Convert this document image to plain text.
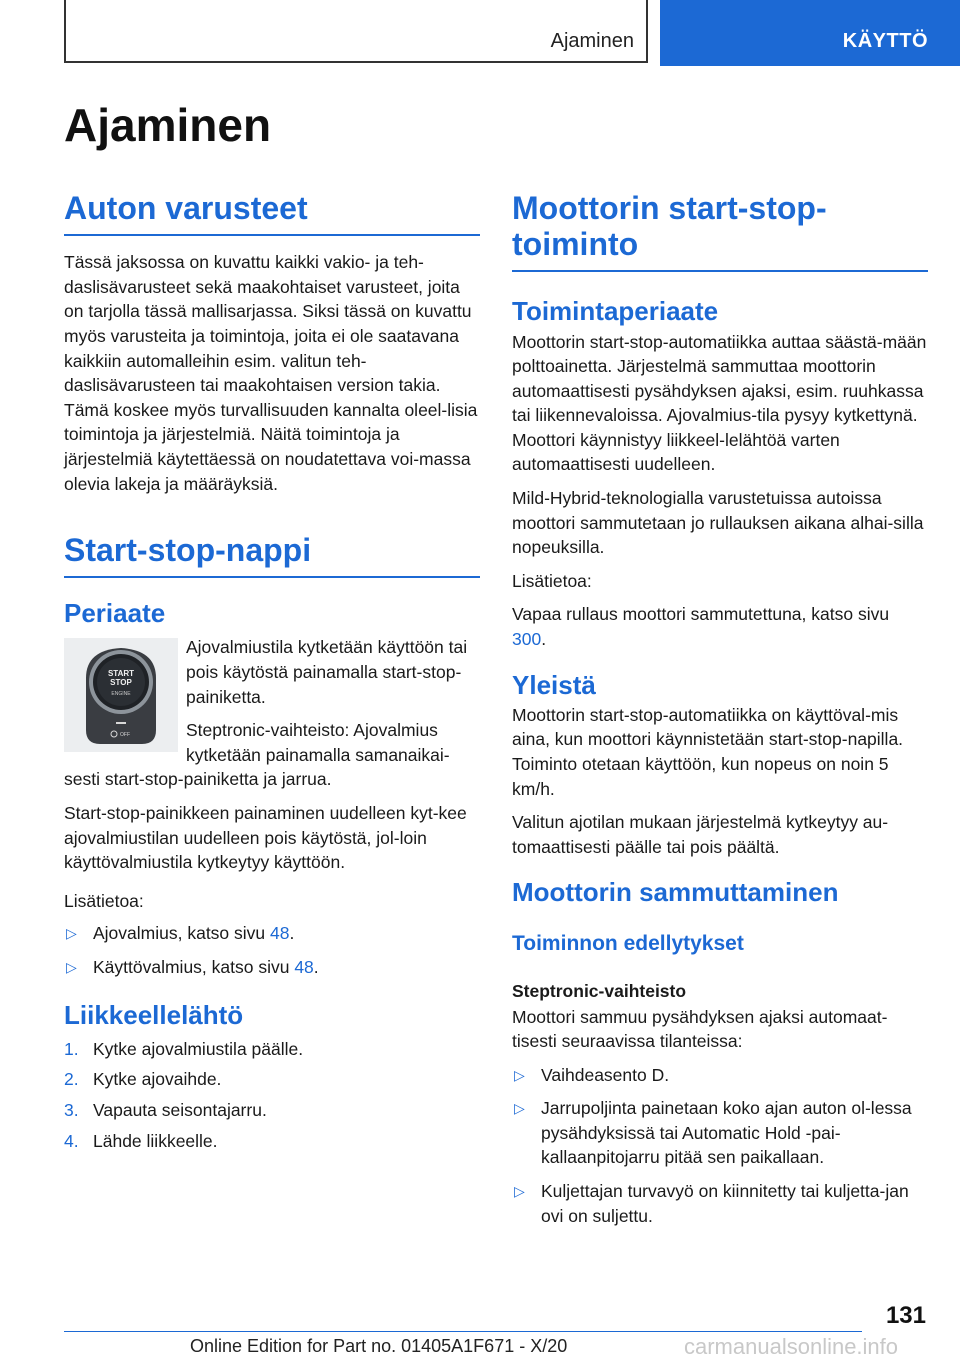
Ajaminen	KÄYTTÖ
Ajaminen
Auton varusteet

Tässä jaksossa on kuvattu kaikki vakio- ja teh-daslisävarusteet sekä maakohtaiset varusteet, joita on tarjolla tässä mallisarjassa. Siksi tässä on kuvattu myös varusteita ja toimintoja, joita ei ole saatavana kaikkiin automalleihin esim. valitun teh-daslisävarusteen tai maakohtaisen version takia. Tämä koskee myös turvallisuuden kannalta oleel-lisia toimintoja ja järjestelmiä. Näitä toimintoja ja järjestelmiä käytettäessä on noudatettava voi-massa olevia lakeja ja määräyksiä.

Start-stop-nappi
Periaate
START
STOP
ENGINE
OFF

Ajovalmiustila kytketään käyttöön tai pois käytöstä painamalla start-stop-painiketta.

Steptronic-vaihteisto: Ajovalmius kytketään painamalla samanaikai-sesti start-stop-painiketta ja jarrua.

Start-stop-painikkeen painaminen uudelleen kyt-kee ajovalmiustilan uudelleen pois käytöstä, jol-loin käyttövalmiustila kytkeytyy käyttöön.

Lisätietoa:

▷ Ajovalmius, katso sivu 48.
▷ Käyttövalmius, katso sivu 48.
Liikkeellelähtö
1. Kytke ajovalmiustila päälle.
2. Kytke ajovaihde.
3. Vapauta seisontajarru.
4. Lähde liikkeelle.
Moottorin start-stop-
toiminto
Toimintaperiaate

Moottorin start-stop-automatiikka auttaa säästä-mään polttoainetta. Järjestelmä sammuttaa moottorin automaattisesti pysähdyksen ajaksi, esim. ruuhkassa tai liikennevaloissa. Ajovalmius-tila pysyy kytkettynä. Moottori käynnistyy liikkeel-lelähtöä varten automaattisesti uudelleen.

Mild-Hybrid-teknologialla varustetuissa autoissa moottori sammutetaan jo rullauksen aikana alhai-silla nopeuksilla.

Lisätietoa:

Vapaa rullaus moottori sammutettuna, katso sivu 300.

Yleistä

Moottorin start-stop-automatiikka on käyttöval-mis aina, kun moottori käynnistetään start-stop-napilla. Toiminto otetaan käyttöön, kun nopeus on noin 5 km/h.

Valitun ajotilan mukaan järjestelmä kytkeytyy au-tomaattisesti päälle tai pois päältä.

Moottorin sammuttaminen
Toiminnon edellytykset
Steptronic-vaihteisto

Moottori sammuu pysähdyksen ajaksi automaat-tisesti seuraavissa tilanteissa:

▷ Vaihdeasento D.
▷ Jarrupoljinta painetaan koko ajan auton ol-lessa pysähdyksissä tai Automatic Hold -pai-kallaanpitojarru pitää sen paikallaan.
▷ Kuljettajan turvavyö on kiinnitetty tai kuljetta-jan ovi on suljettu.
131
Online Edition for Part no. 01405A1F671 - X/20	carmanualsonline.info
